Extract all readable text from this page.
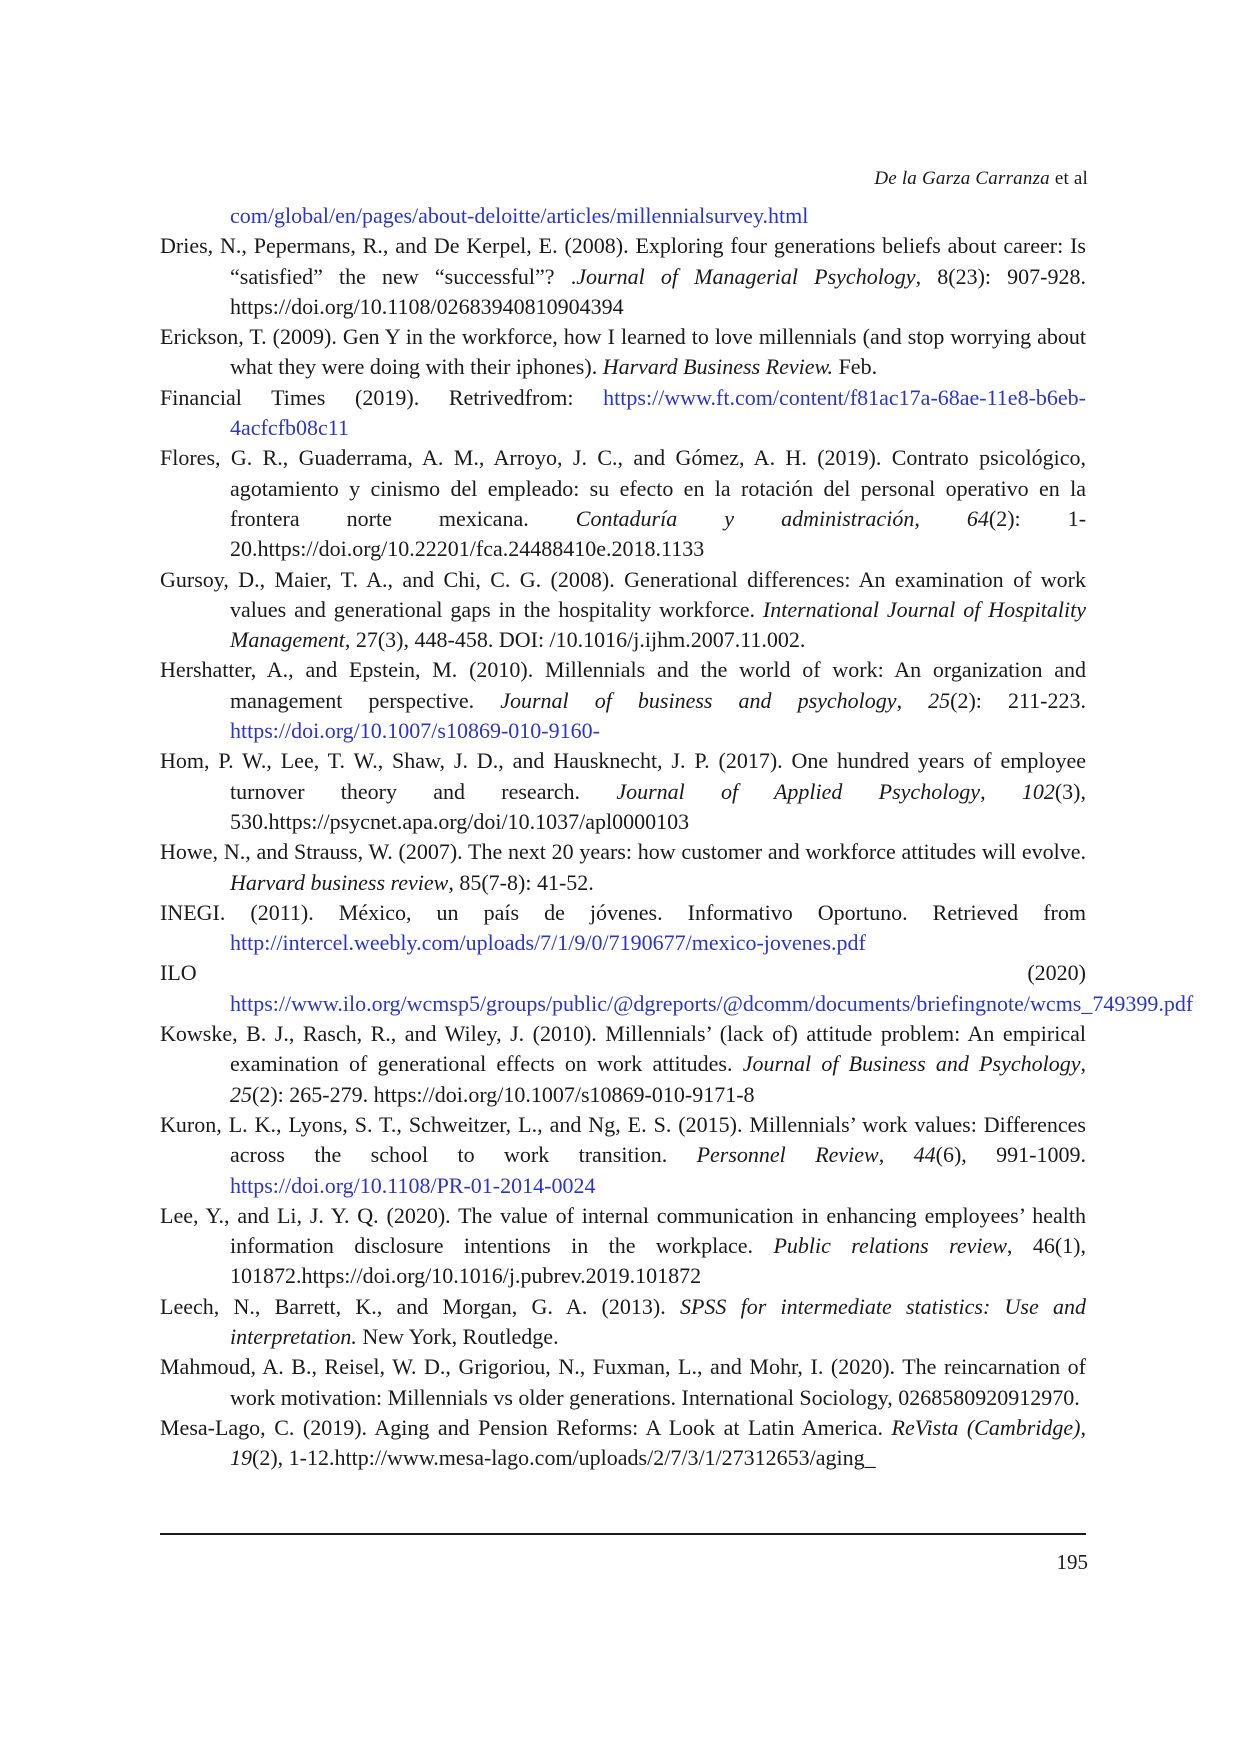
De la Garza Carranza et al

com/global/en/pages/about-deloitte/articles/millennialsurvey.html

Dries, N., Pepermans, R., and De Kerpel, E. (2008). Exploring four generations beliefs about career: Is “satisfied” the new “successful”? .Journal of Managerial Psychology, 8(23): 907-928. https://doi.org/10.1108/02683940810904394

Erickson, T. (2009). Gen Y in the workforce, how I learned to love millennials (and stop worrying about what they were doing with their iphones). Harvard Business Review. Feb.

Financial Times (2019). Retrivedfrom: https://www.ft.com/content/f81ac17a-68ae-11e8-b6eb-4acfcfb08c11

Flores, G. R., Guaderrama, A. M., Arroyo, J. C., and Gómez, A. H. (2019). Contrato psicológico, agotamiento y cinismo del empleado: su efecto en la rotación del personal operativo en la frontera norte mexicana. Contaduría y administración, 64(2): 1-20.https://doi.org/10.22201/fca.24488410e.2018.1133

Gursoy, D., Maier, T. A., and Chi, C. G. (2008). Generational differences: An examination of work values and generational gaps in the hospitality workforce. International Journal of Hospitality Management, 27(3), 448-458. DOI: /10.1016/j.ijhm.2007.11.002.

Hershatter, A., and Epstein, M. (2010). Millennials and the world of work: An organization and management perspective. Journal of business and psychology, 25(2): 211-223. https://doi.org/10.1007/s10869-010-9160-

Hom, P. W., Lee, T. W., Shaw, J. D., and Hausknecht, J. P. (2017). One hundred years of employee turnover theory and research. Journal of Applied Psychology, 102(3), 530.https://psycnet.apa.org/doi/10.1037/apl0000103

Howe, N., and Strauss, W. (2007). The next 20 years: how customer and workforce attitudes will evolve. Harvard business review, 85(7-8): 41-52.

INEGI. (2011). México, un país de jóvenes. Informativo Oportuno. Retrieved from http://intercel.weebly.com/uploads/7/1/9/0/7190677/mexico-jovenes.pdf

ILO (2020) https://www.ilo.org/wcmsp5/groups/public/@dgreports/@dcomm/documents/briefingnote/wcms_749399.pdf

Kowske, B. J., Rasch, R., and Wiley, J. (2010). Millennials’ (lack of) attitude problem: An empirical examination of generational effects on work attitudes. Journal of Business and Psychology, 25(2): 265-279. https://doi.org/10.1007/s10869-010-9171-8

Kuron, L. K., Lyons, S. T., Schweitzer, L., and Ng, E. S. (2015). Millennials’ work values: Differences across the school to work transition. Personnel Review, 44(6), 991-1009. https://doi.org/10.1108/PR-01-2014-0024

Lee, Y., and Li, J. Y. Q. (2020). The value of internal communication in enhancing employees’ health information disclosure intentions in the workplace. Public relations review, 46(1), 101872.https://doi.org/10.1016/j.pubrev.2019.101872

Leech, N., Barrett, K., and Morgan, G. A. (2013). SPSS for intermediate statistics: Use and interpretation. New York, Routledge.

Mahmoud, A. B., Reisel, W. D., Grigoriou, N., Fuxman, L., and Mohr, I. (2020). The reincarnation of work motivation: Millennials vs older generations. International Sociology, 0268580920912970.

Mesa-Lago, C. (2019). Aging and Pension Reforms: A Look at Latin America. ReVista (Cambridge), 19(2), 1-12.http://www.mesa-lago.com/uploads/2/7/3/1/27312653/aging_

195
